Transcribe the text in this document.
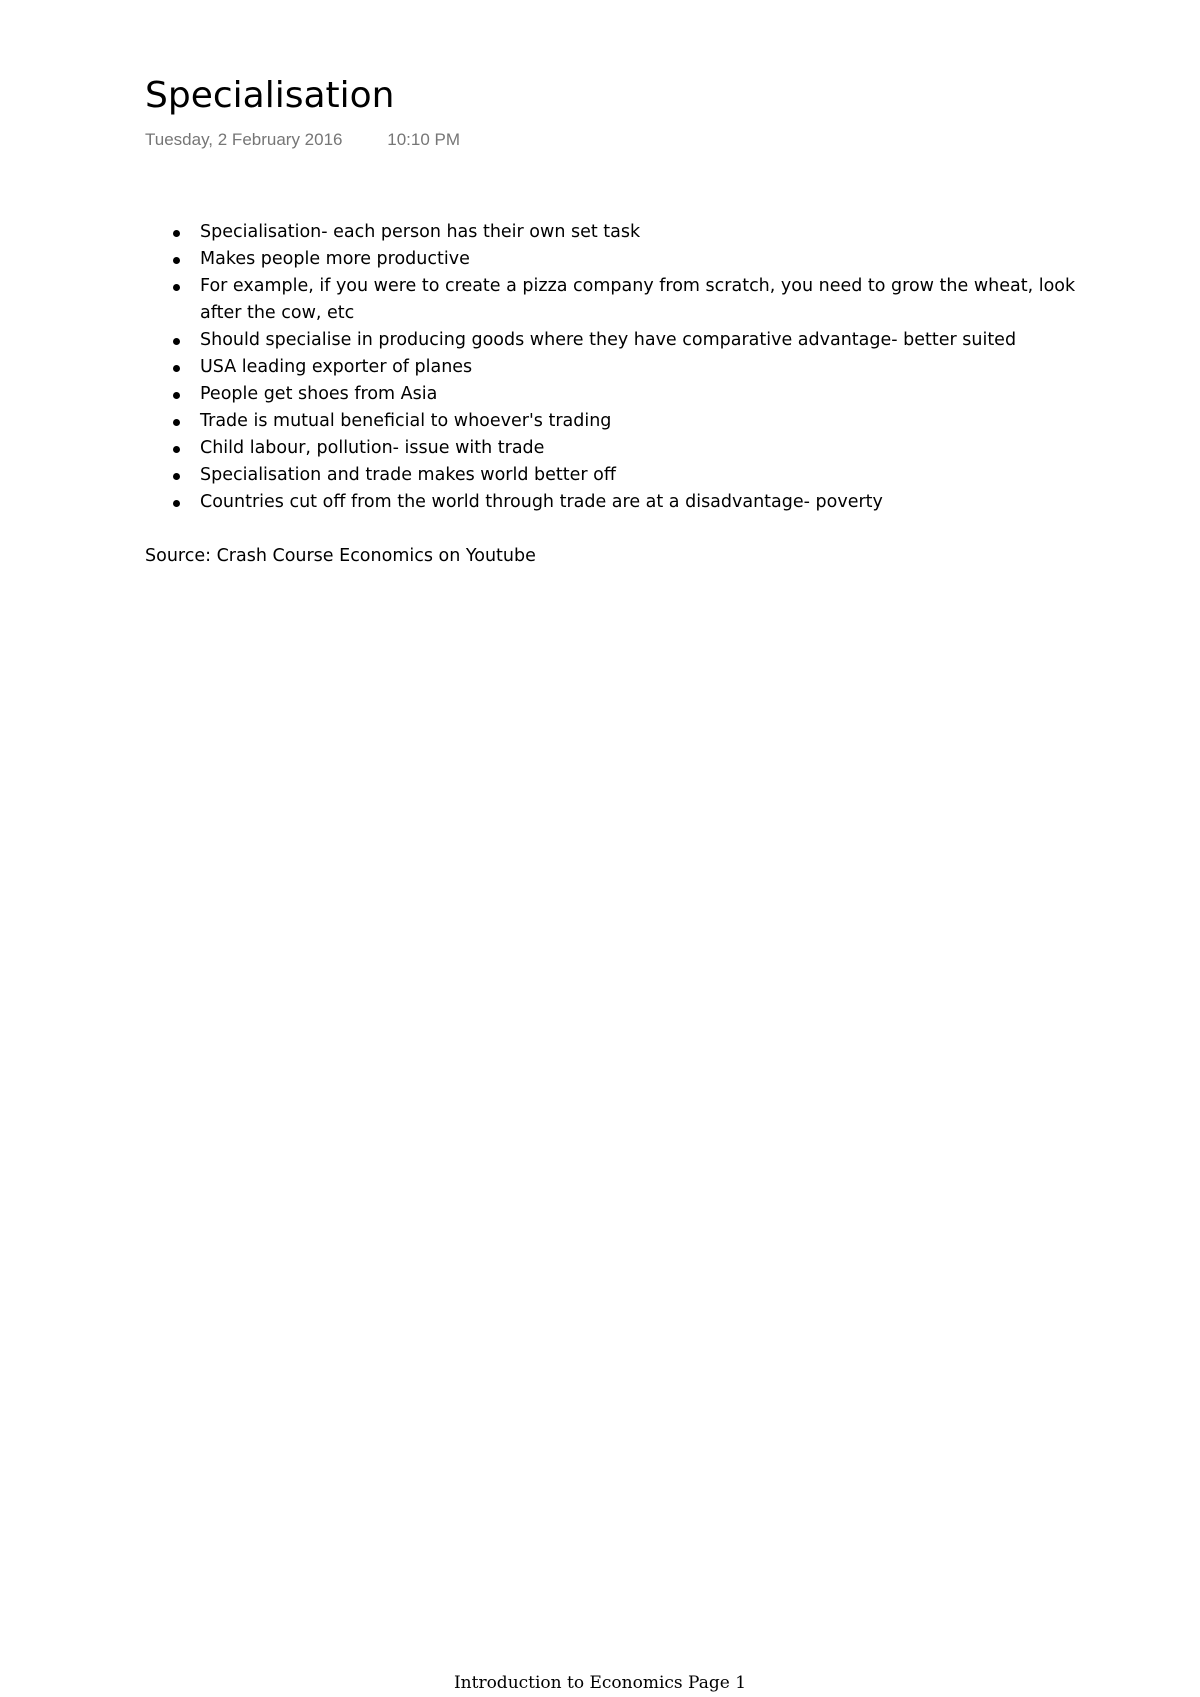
Specialisation
Tuesday, 2 February 2016	10:10 PM
Specialisation- each person has their own set task
Makes people more productive
For example, if you were to create a pizza company from scratch, you need to grow the wheat, look after the cow, etc
Should specialise in producing goods where they have comparative advantage- better suited
USA leading exporter of planes
People get shoes from Asia
Trade is mutual beneficial to whoever's trading
Child labour, pollution- issue with trade
Specialisation and trade makes world better off
Countries cut off from the world through trade are at a disadvantage- poverty
Source: Crash Course Economics on Youtube
Introduction to Economics Page 1
